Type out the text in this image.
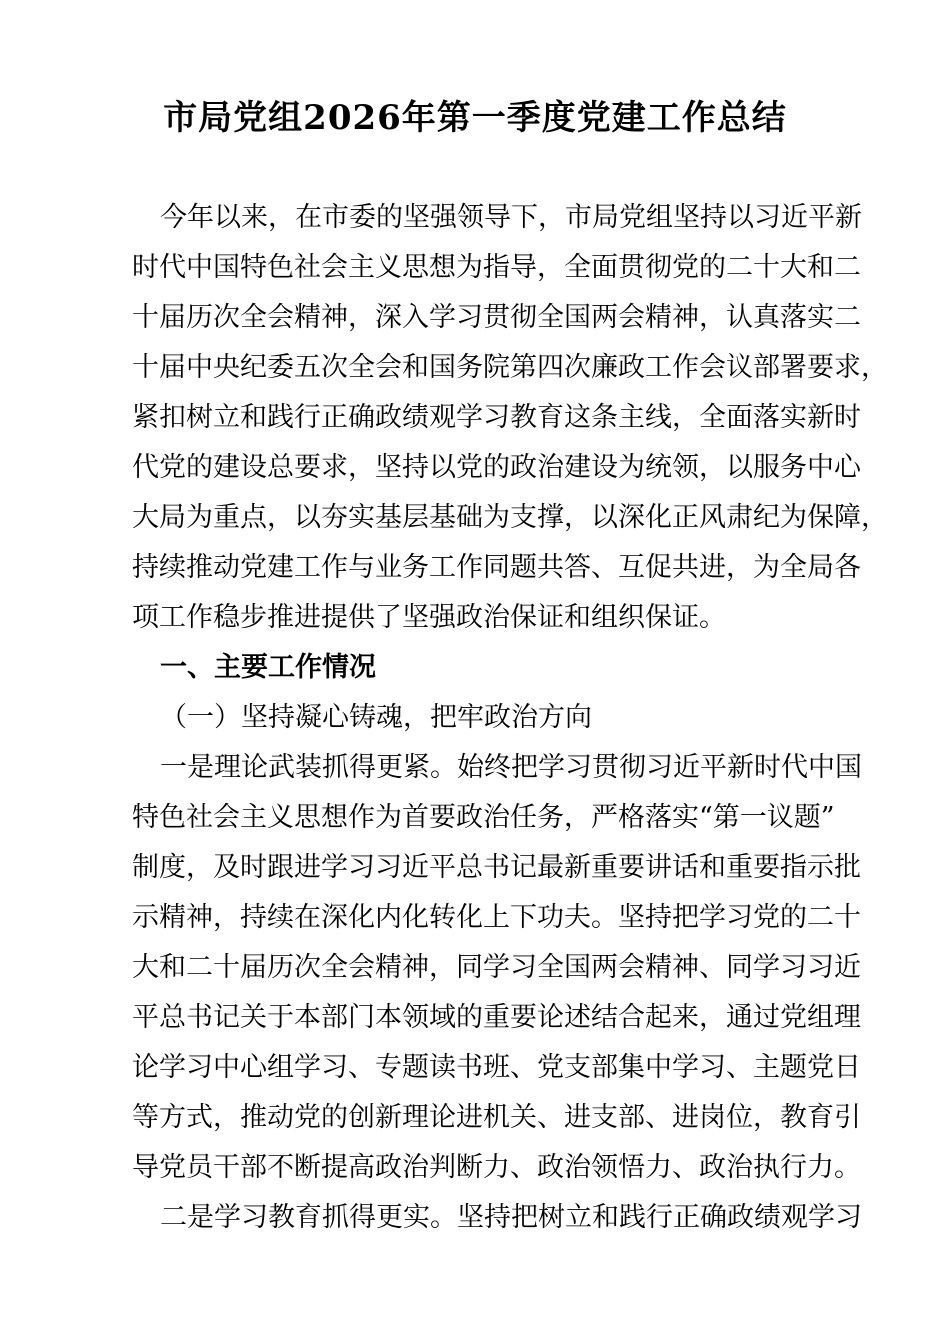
市局党组2026年第一季度党建工作总结
今年以来，在市委的坚强领导下，市局党组坚持以习近平新
时代中国特色社会主义思想为指导，全面贯彻党的二十大和二
十届历次全会精神，深入学习贯彻全国两会精神，认真落实二
十届中央纪委五次全会和国务院第四次廉政工作会议部署要求，
紧扣树立和践行正确政绩观学习教育这条主线，全面落实新时
代党的建设总要求，坚持以党的政治建设为统领，以服务中心
大局为重点，以夯实基层基础为支撑，以深化正风肃纪为保障，
持续推动党建工作与业务工作同题共答、互促共进，为全局各
项工作稳步推进提供了坚强政治保证和组织保证。
一、主要工作情况
（一）坚持凝心铸魂，把牢政治方向
一是理论武装抓得更紧。始终把学习贯彻习近平新时代中国
特色社会主义思想作为首要政治任务，严格落实“第一议题”
制度，及时跟进学习习近平总书记最新重要讲话和重要指示批
示精神，持续在深化内化转化上下功夫。坚持把学习党的二十
大和二十届历次全会精神，同学习全国两会精神、同学习习近
平总书记关于本部门本领域的重要论述结合起来，通过党组理
论学习中心组学习、专题读书班、党支部集中学习、主题党日
等方式，推动党的创新理论进机关、进支部、进岗位，教育引
导党员干部不断提高政治判断力、政治领悟力、政治执行力。
二是学习教育抓得更实。坚持把树立和践行正确政绩观学习
